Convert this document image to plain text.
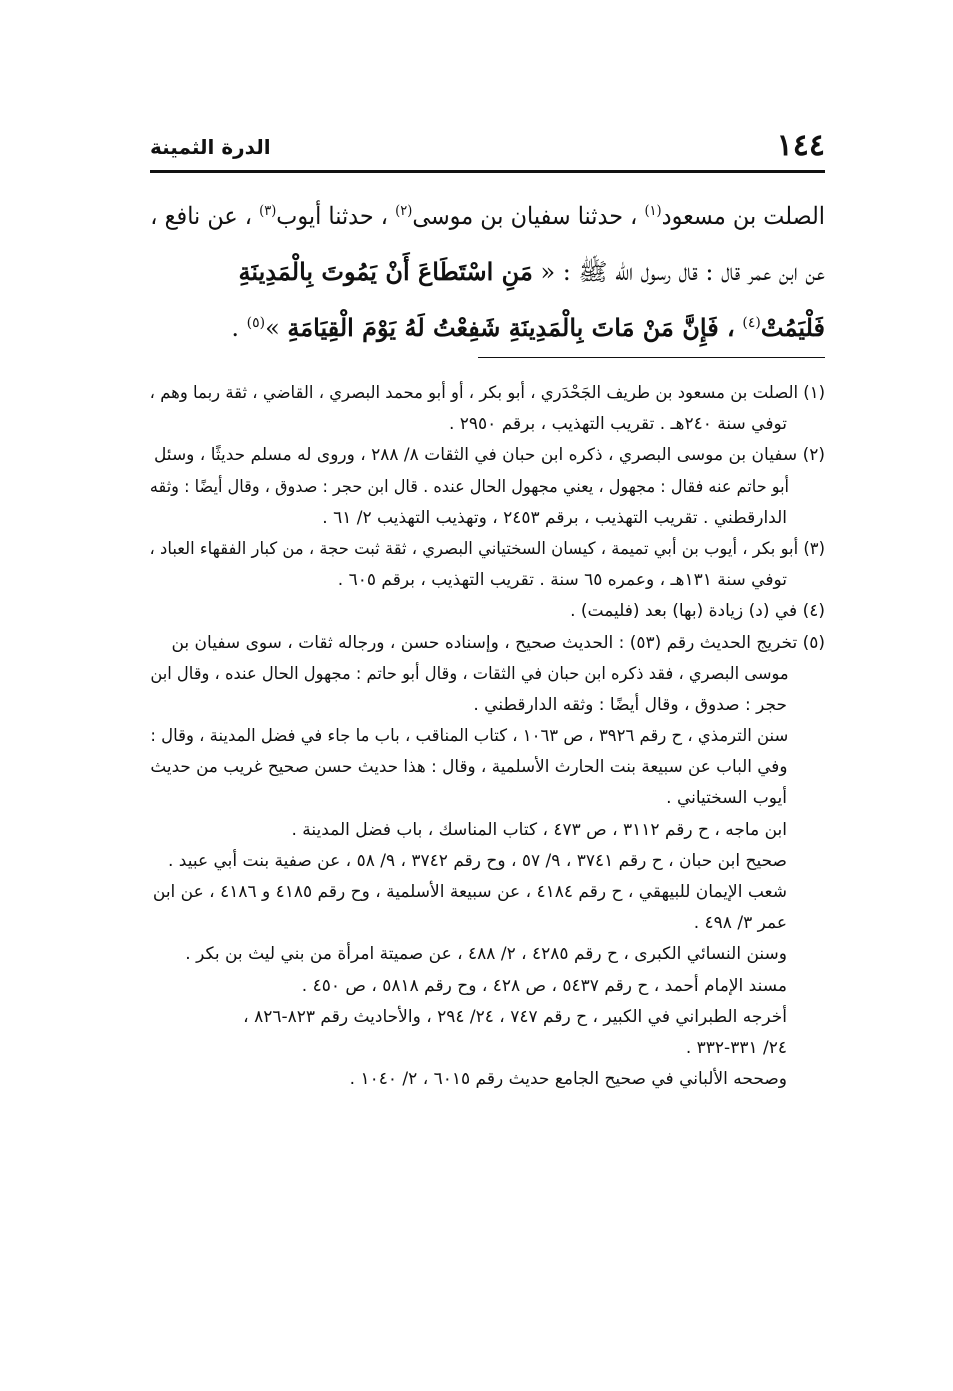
١٤٤
الدرة الثمينة
الصلت بن مسعود$^{(١)}$ ، حدثنا سفيان بن موسى$^{(٢)}$ ، حدثنا أيوب$^{(٣)}$ ، عن نافع ،
عن ابن عمر قال : قال رسول الله ﷺ : « مَنِ اسْتَطَاعَ أَنْ يَمُوتَ بِالْمَدِينَةِ
فَلْيَمُتْ$^{(٤)}$ ، فَإِنَّ مَنْ مَاتَ بِالْمَدِينَةِ شَفِعْتُ لَهُ يَوْمَ الْقِيَامَةِ »$^{(٥)}$ .
(١) الصلت بن مسعود بن طريف الجَحْدَري ، أبو بكر ، أو أبو محمد البصري ، القاضي ، ثقة ربما وهم ،
توفي سنة ٢٤٠هـ . تقريب التهذيب ، برقم ٢٩٥٠ .
(٢) سفيان بن موسى البصري ، ذكره ابن حبان في الثقات ٨/ ٢٨٨ ، وروى له مسلم حديثًا ، وسئل
أبو حاتم عنه فقال : مجهول ، يعني مجهول الحال عنده . قال ابن حجر : صدوق ، وقال أيضًا : وثقه
الدارقطني . تقريب التهذيب ، برقم ٢٤٥٣ ، وتهذيب التهذيب ٢/ ٦١ .
(٣) أبو بكر ، أيوب بن أبي تميمة ، كيسان السختياني البصري ، ثقة ثبت حجة ، من كبار الفقهاء العباد ،
توفي سنة ١٣١هـ ، وعمره ٦٥ سنة . تقريب التهذيب ، برقم ٦٠٥ .
(٤) في (د) زيادة (بها) بعد (فليمت) .
(٥) تخريج الحديث رقم (٥٣) : الحديث صحيح ، وإسناده حسن ، ورجاله ثقات ، سوى سفيان بن
موسى البصري ، فقد ذكره ابن حبان في الثقات ، وقال أبو حاتم : مجهول الحال عنده ، وقال ابن
حجر : صدوق ، وقال أيضًا : وثقه الدارقطني .
سنن الترمذي ، ح رقم ٣٩٢٦ ، ص ١٠٦٣ ، كتاب المناقب ، باب ما جاء في فضل المدينة ، وقال :
وفي الباب عن سبيعة بنت الحارث الأسلمية ، وقال : هذا حديث حسن صحيح غريب من حديث
أيوب السختياني .
ابن ماجه ، ح رقم ٣١١٢ ، ص ٤٧٣ ، كتاب المناسك ، باب فضل المدينة .
صحيح ابن حبان ، ح رقم ٣٧٤١ ، ٩/ ٥٧ ، وح رقم ٣٧٤٢ ، ٩/ ٥٨ ، عن صفية بنت أبي عبيد .
شعب الإيمان للبيهقي ، ح رقم ٤١٨٤ ، عن سبيعة الأسلمية ، وح رقم ٤١٨٥ و ٤١٨٦ ، عن ابن
عمر ٣/ ٤٩٨ .
وسنن النسائي الكبرى ، ح رقم ٤٢٨٥ ، ٢/ ٤٨٨ ، عن صميتة امرأة من بني ليث بن بكر .
مسند الإمام أحمد ، ح رقم ٥٤٣٧ ، ص ٤٢٨ ، وح رقم ٥٨١٨ ، ص ٤٥٠ .
أخرجه الطبراني في الكبير ، ح رقم ٧٤٧ ، ٢٤/ ٢٩٤ ، والأحاديث رقم ٨٢٣-٨٢٦ ،
٢٤/ ٣٣١-٣٣٢ .
وصححه الألباني في صحيح الجامع حديث رقم ٦٠١٥ ، ٢/ ١٠٤٠ .
